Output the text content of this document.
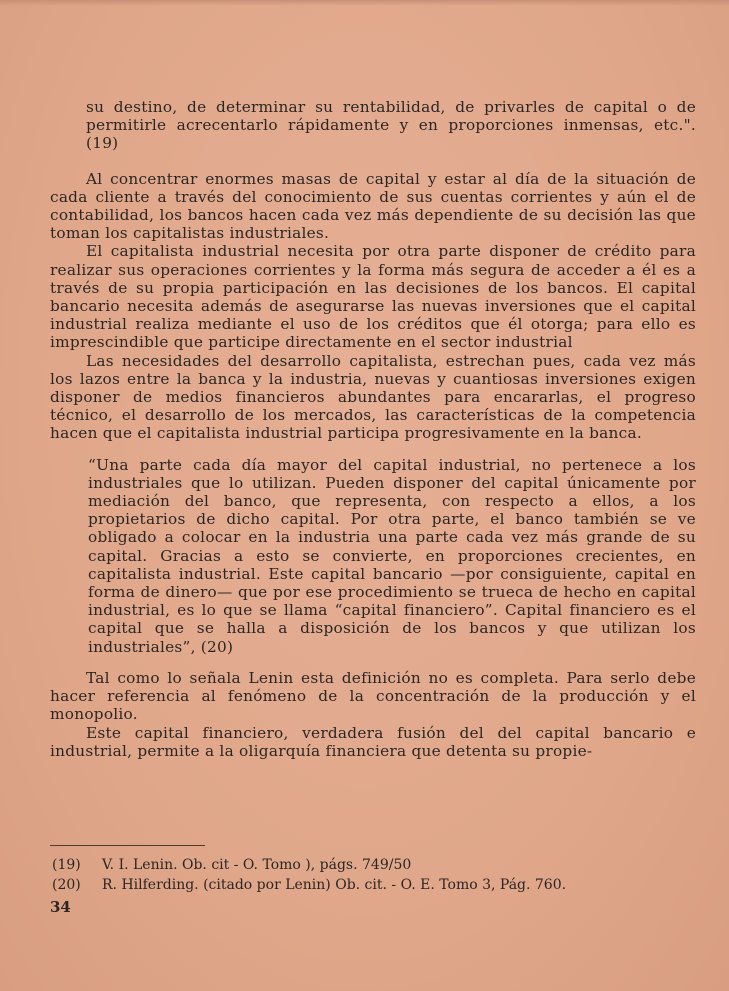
su destino, de determinar su rentabilidad, de privarles de capital o de permitirle acrecentarlo rápidamente y en proporciones inmensas, etc.". (19)

Al concentrar enormes masas de capital y estar al día de la situación de cada cliente a través del conocimiento de sus cuentas corrientes y aún el de contabilidad, los bancos hacen cada vez más dependiente de su decisión las que toman los capitalistas industriales.

El capitalista industrial necesita por otra parte disponer de crédito para realizar sus operaciones corrientes y la forma más segura de acceder a él es a través de su propia participación en las decisiones de los bancos. El capital bancario necesita además de asegurarse las nuevas inversiones que el capital industrial realiza mediante el uso de los créditos que él otorga; para ello es imprescindible que participe directamente en el sector industrial

Las necesidades del desarrollo capitalista, estrechan pues, cada vez más los lazos entre la banca y la industria, nuevas y cuantiosas inversiones exigen disponer de medios financieros abundantes para encararlas, el progreso técnico, el desarrollo de los mercados, las características de la competencia hacen que el capitalista industrial participa progresivamente en la banca.

“Una parte cada día mayor del capital industrial, no pertenece a los industriales que lo utilizan. Pueden disponer del capital únicamente por mediación del banco, que representa, con respecto a ellos, a los propietarios de dicho capital. Por otra parte, el banco también se ve obligado a colocar en la industria una parte cada vez más grande de su capital. Gracias a esto se convierte, en proporciones crecientes, en capitalista industrial. Este capital bancario —por consiguiente, capital en forma de dinero— que por ese procedimiento se trueca de hecho en capital industrial, es lo que se llama “capital financiero”. Capital financiero es el capital que se halla a disposición de los bancos y que utilizan los industriales”, (20)

Tal como lo señala Lenin esta definición no es completa. Para serlo debe hacer referencia al fenómeno de la concentración de la producción y el monopolio.

Este capital financiero, verdadera fusión del del capital bancario e industrial, permite a la oligarquía financiera que detenta su propie-

(19)	V. I. Lenin. Ob. cit - O. Tomo ), págs. 749/50
(20)	R. Hilferding. (citado por Lenin) Ob. cit. - O. E. Tomo 3, Pág. 760.
34
